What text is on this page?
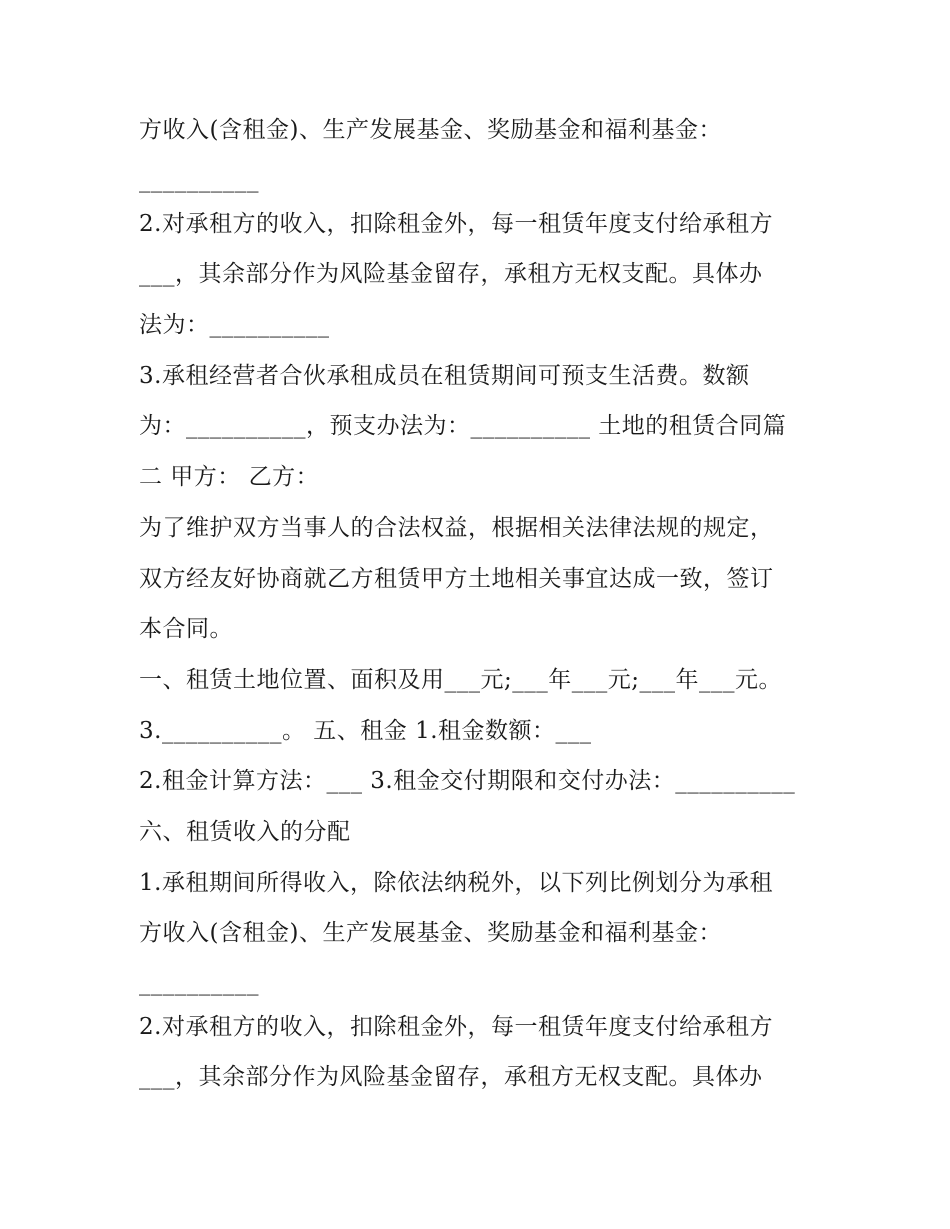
方收入(含租金)、生产发展基金、奖励基金和福利基金：

__________

2.对承租方的收入，扣除租金外，每一租赁年度支付给承租方

___，其余部分作为风险基金留存，承租方无权支配。具体办

法为：__________

3.承租经营者合伙承租成员在租赁期间可预支生活费。数额

为：__________，预支办法为：__________ 土地的租赁合同篇

二 甲方： 乙方：

为了维护双方当事人的合法权益，根据相关法律法规的规定，

双方经友好协商就乙方租赁甲方土地相关事宜达成一致，签订

本合同。

一、租赁土地位置、面积及用___元;___年___元;___年___元。

3.__________。 五、租金 1.租金数额：___

2.租金计算方法：___ 3.租金交付期限和交付办法：__________

六、租赁收入的分配

1.承租期间所得收入，除依法纳税外，以下列比例划分为承租

方收入(含租金)、生产发展基金、奖励基金和福利基金：

__________

2.对承租方的收入，扣除租金外，每一租赁年度支付给承租方

___，其余部分作为风险基金留存，承租方无权支配。具体办
